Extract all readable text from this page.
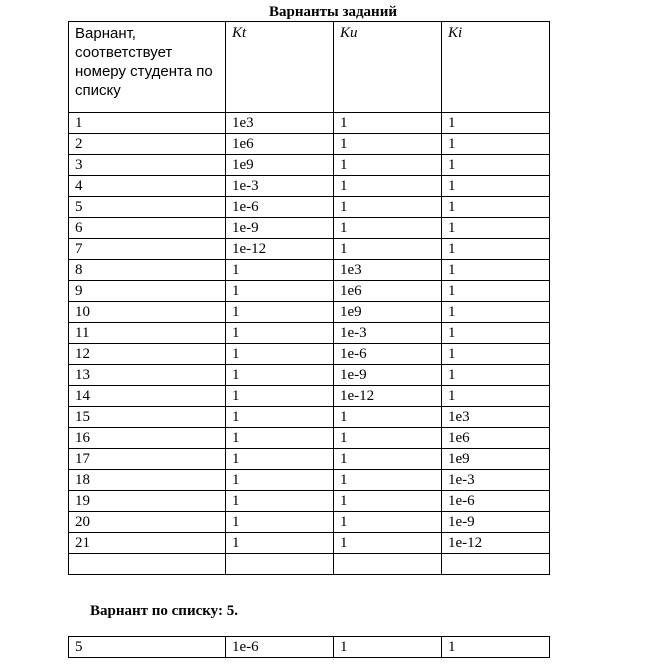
Варнанты заданий
Варнант, соответствует номеру студента по списку	Kt	Ku	Ki
1	1e3	1	1
2	1e6	1	1
3	1e9	1	1
4	1e-3	1	1
5	1e-6	1	1
6	1e-9	1	1
7	1e-12	1	1
8	1	1e3	1
9	1	1e6	1
10	1	1e9	1
11	1	1e-3	1
12	1	1e-6	1
13	1	1e-9	1
14	1	1e-12	1
15	1	1	1e3
16	1	1	1e6
17	1	1	1e9
18	1	1	1e-3
19	1	1	1e-6
20	1	1	1e-9
21	1	1	1e-12

Варнант по списку: 5.
5	1e-6	1	1
